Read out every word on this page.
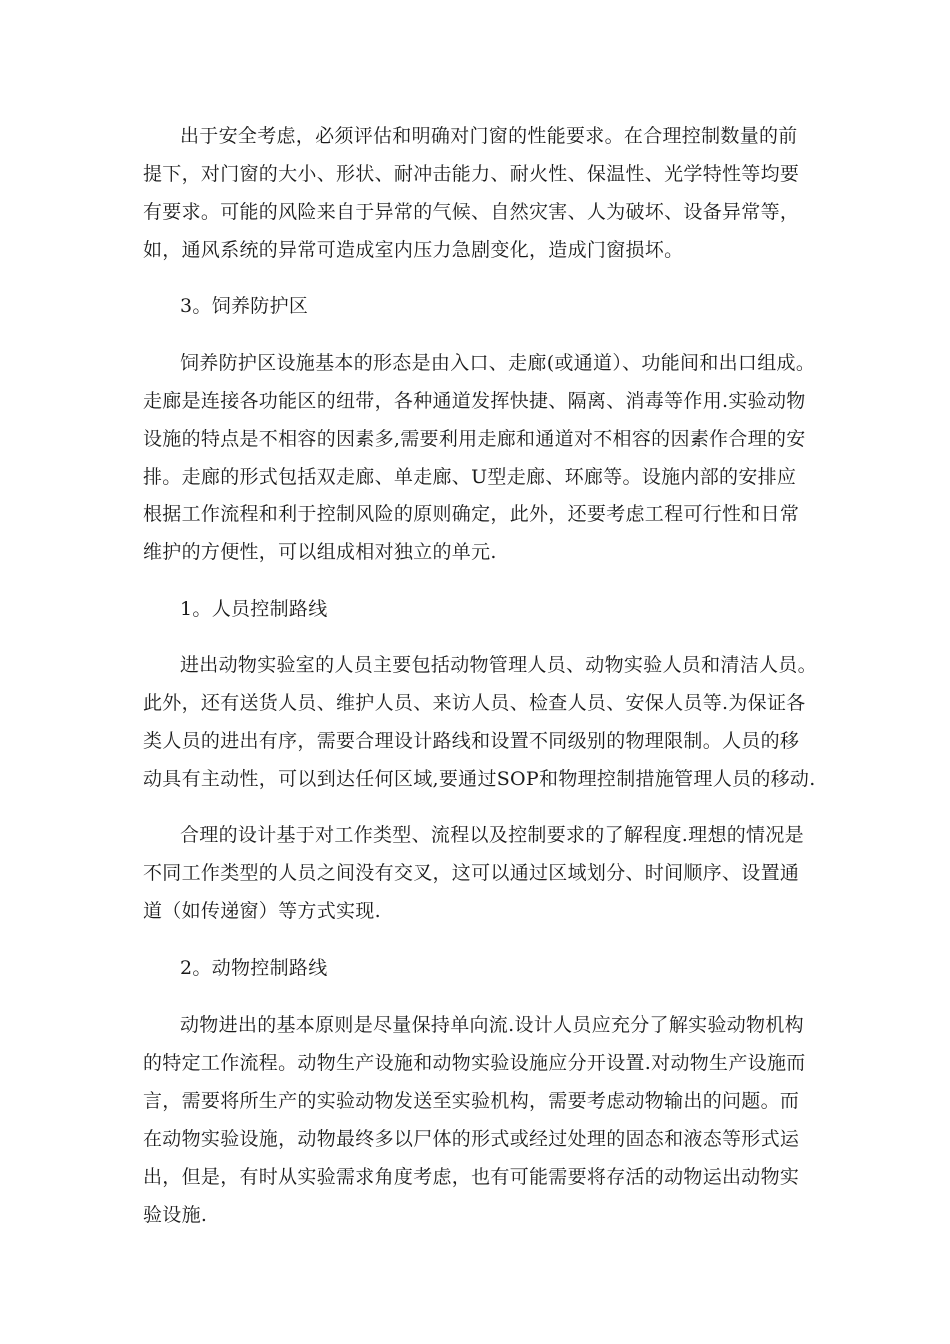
出于安全考虑，必须评估和明确对门窗的性能要求。在合理控制数量的前
提下，对门窗的大小、形状、耐冲击能力、耐火性、保温性、光学特性等均要
有要求。可能的风险来自于异常的气候、自然灾害、人为破坏、设备异常等，
如，通风系统的异常可造成室内压力急剧变化，造成门窗损坏。
3。饲养防护区
饲养防护区设施基本的形态是由入口、走廊(或通道）、功能间和出口组成。
走廊是连接各功能区的纽带，各种通道发挥快捷、隔离、消毒等作用.实验动物
设施的特点是不相容的因素多,需要利用走廊和通道对不相容的因素作合理的安
排。走廊的形式包括双走廊、单走廊、U型走廊、环廊等。设施内部的安排应
根据工作流程和利于控制风险的原则确定，此外，还要考虑工程可行性和日常
维护的方便性，可以组成相对独立的单元.
1。人员控制路线
进出动物实验室的人员主要包括动物管理人员、动物实验人员和清洁人员。
此外，还有送货人员、维护人员、来访人员、检查人员、安保人员等.为保证各
类人员的进出有序，需要合理设计路线和设置不同级别的物理限制。人员的移
动具有主动性，可以到达任何区域,要通过SOP和物理控制措施管理人员的移动.
合理的设计基于对工作类型、流程以及控制要求的了解程度.理想的情况是
不同工作类型的人员之间没有交叉，这可以通过区域划分、时间顺序、设置通
道（如传递窗）等方式实现.
2。动物控制路线
动物进出的基本原则是尽量保持单向流.设计人员应充分了解实验动物机构
的特定工作流程。动物生产设施和动物实验设施应分开设置.对动物生产设施而
言，需要将所生产的实验动物发送至实验机构，需要考虑动物输出的问题。而
在动物实验设施，动物最终多以尸体的形式或经过处理的固态和液态等形式运
出，但是，有时从实验需求角度考虑，也有可能需要将存活的动物运出动物实
验设施.
